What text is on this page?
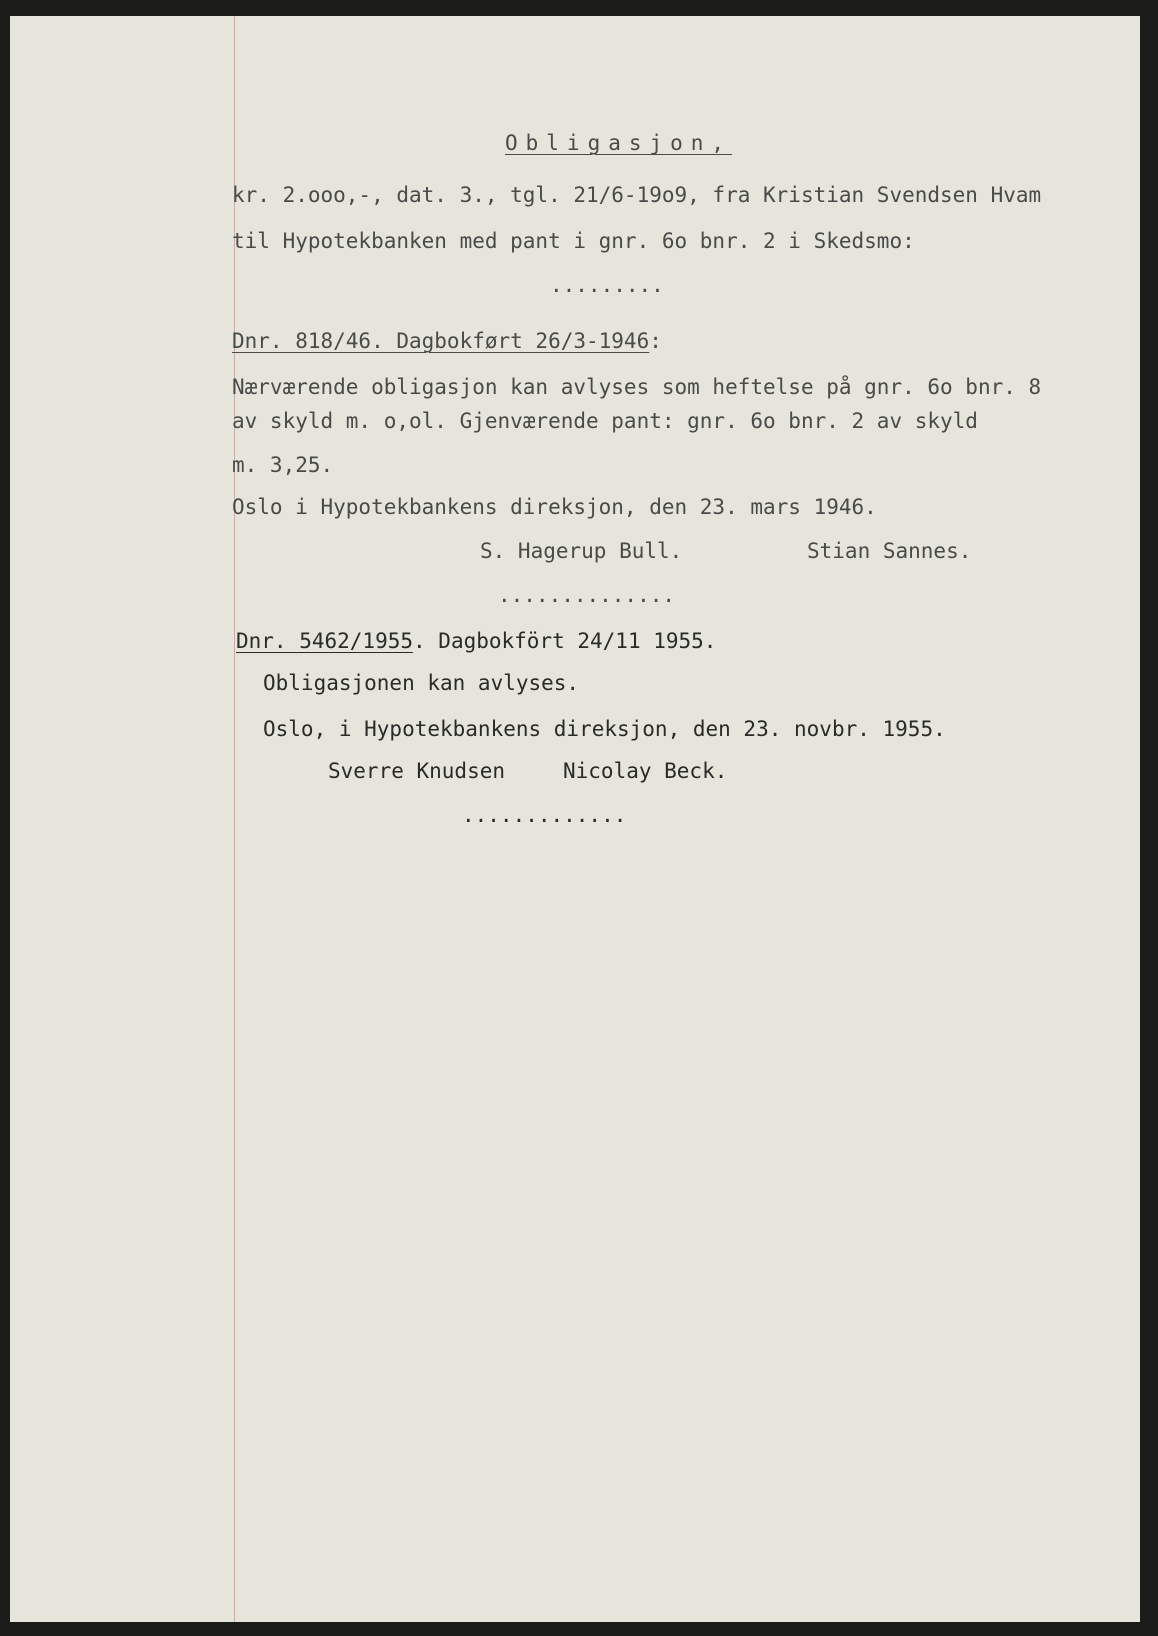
Obligasjon,
kr. 2.ooo,-, dat. 3., tgl. 21/6-19o9, fra Kristian Svendsen Hvam
til Hypotekbanken med pant i gnr. 6o bnr. 2 i Skedsmo:
.........
Dnr. 818/46. Dagbokført 26/3-1946:
Nærværende obligasjon kan avlyses som heftelse på gnr. 6o bnr. 8
av skyld m. o,ol. Gjenværende pant: gnr. 6o bnr. 2 av skyld
m. 3,25.
Oslo i Hypotekbankens direksjon, den 23. mars 1946.
S. Hagerup Bull.	Stian Sannes.
..............
Dnr. 5462/1955. Dagbokfört 24/11 1955.
Obligasjonen kan avlyses.
Oslo, i Hypotekbankens direksjon, den 23. novbr. 1955.
Sverre Knudsen	Nicolay Beck.
.............
